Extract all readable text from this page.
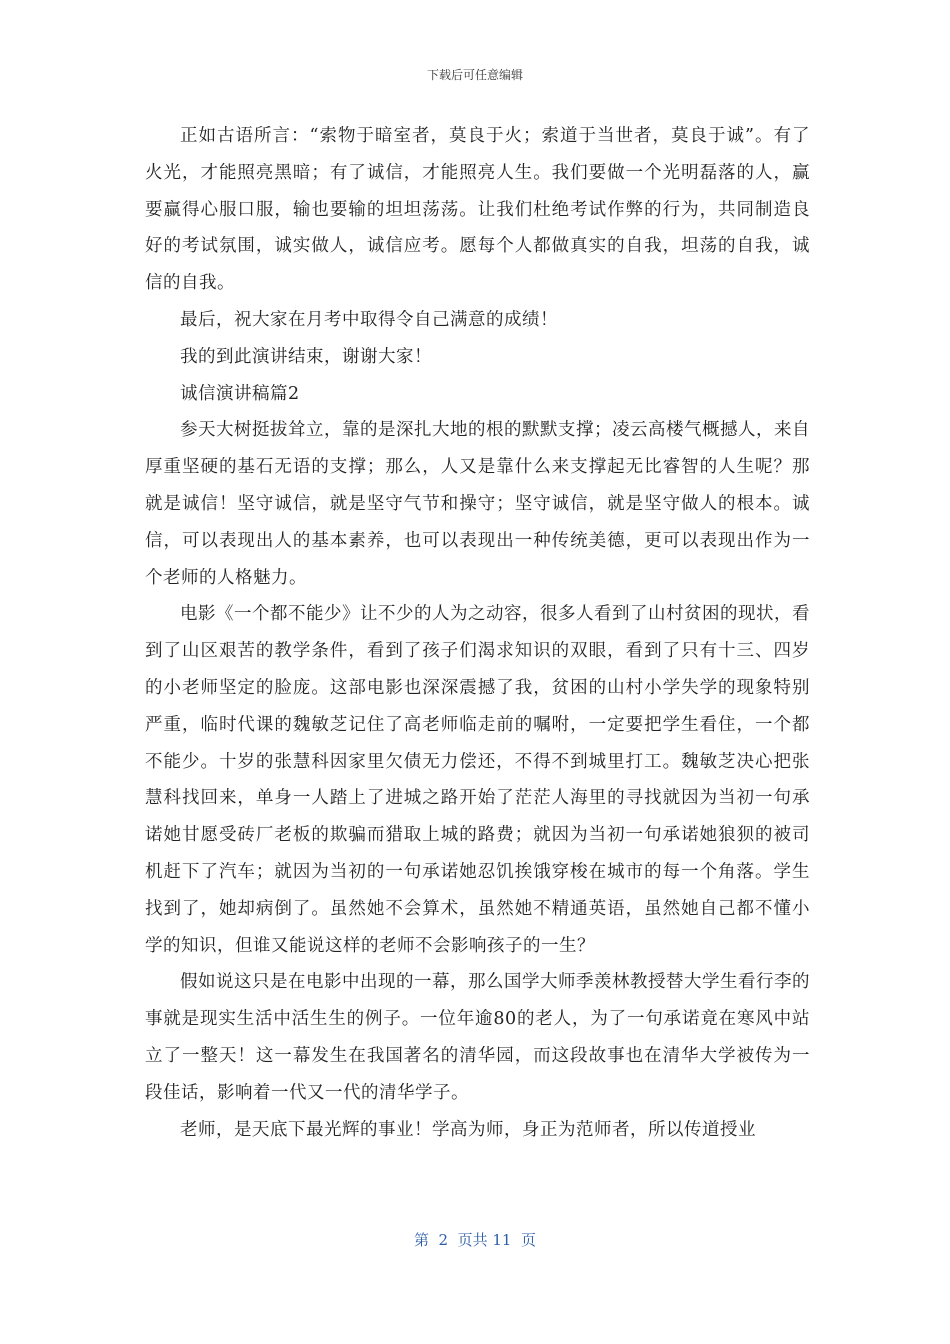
下载后可任意编辑

正如古语所言：“索物于暗室者，莫良于火；索道于当世者，莫良于诚”。有了火光，才能照亮黑暗；有了诚信，才能照亮人生。我们要做一个光明磊落的人，赢要赢得心服口服，输也要输的坦坦荡荡。让我们杜绝考试作弊的行为，共同制造良好的考试氛围，诚实做人，诚信应考。愿每个人都做真实的自我，坦荡的自我，诚信的自我。

最后，祝大家在月考中取得令自己满意的成绩！

我的到此演讲结束，谢谢大家！

诚信演讲稿篇2

参天大树挺拔耸立，靠的是深扎大地的根的默默支撑；凌云高楼气概撼人，来自厚重坚硬的基石无语的支撑；那么，人又是靠什么来支撑起无比睿智的人生呢？那就是诚信！坚守诚信，就是坚守气节和操守；坚守诚信，就是坚守做人的根本。诚信，可以表现出人的基本素养，也可以表现出一种传统美德，更可以表现出作为一个老师的人格魅力。

电影《一个都不能少》让不少的人为之动容，很多人看到了山村贫困的现状，看到了山区艰苦的教学条件，看到了孩子们渴求知识的双眼，看到了只有十三、四岁的小老师坚定的脸庞。这部电影也深深震撼了我，贫困的山村小学失学的现象特别严重，临时代课的魏敏芝记住了高老师临走前的嘱咐，一定要把学生看住，一个都不能少。十岁的张慧科因家里欠债无力偿还，不得不到城里打工。魏敏芝决心把张慧科找回来，单身一人踏上了进城之路开始了茫茫人海里的寻找就因为当初一句承诺她甘愿受砖厂老板的欺骗而猎取上城的路费；就因为当初一句承诺她狼狈的被司机赶下了汽车；就因为当初的一句承诺她忍饥挨饿穿梭在城市的每一个角落。学生找到了，她却病倒了。虽然她不会算术，虽然她不精通英语，虽然她自己都不懂小学的知识，但谁又能说这样的老师不会影响孩子的一生？

假如说这只是在电影中出现的一幕，那么国学大师季羡林教授替大学生看行李的事就是现实生活中活生生的例子。一位年逾80的老人，为了一句承诺竟在寒风中站立了一整天！这一幕发生在我国著名的清华园，而这段故事也在清华大学被传为一段佳话，影响着一代又一代的清华学子。

老师，是天底下最光辉的事业！学高为师，身正为范师者，所以传道授业

第  2  页共 11  页
